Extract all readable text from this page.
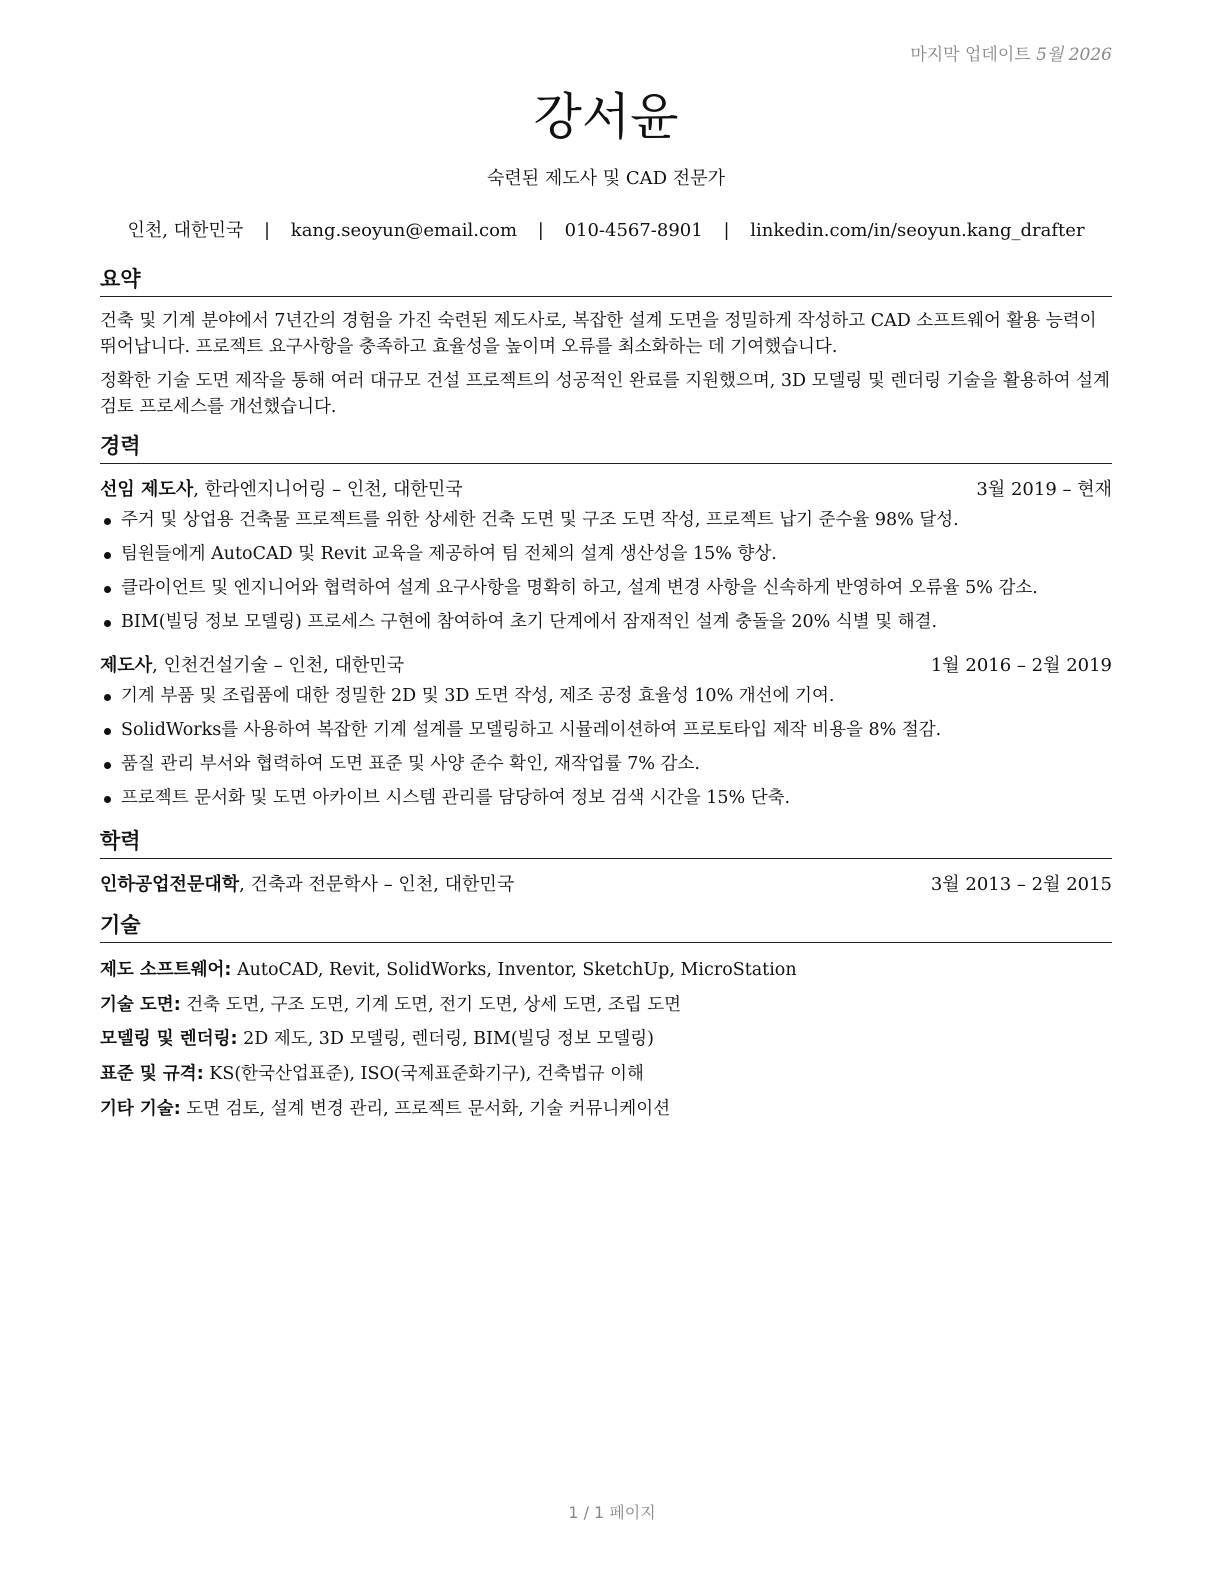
마지막 업데이트 5월 2026
강서윤
숙련된 제도사 및 CAD 전문가
인천, 대한민국 | kang.seoyun@email.com | 010-4567-8901 | linkedin.com/in/seoyun.kang_drafter
요약

건축 및 기계 분야에서 7년간의 경험을 가진 숙련된 제도사로, 복잡한 설계 도면을 정밀하게 작성하고 CAD 소프트웨어 활용 능력이 뛰어납니다. 프로젝트 요구사항을 충족하고 효율성을 높이며 오류를 최소화하는 데 기여했습니다.

정확한 기술 도면 제작을 통해 여러 대규모 건설 프로젝트의 성공적인 완료를 지원했으며, 3D 모델링 및 렌더링 기술을 활용하여 설계 검토 프로세스를 개선했습니다.

경력
선임 제도사, 한라엔지니어링 – 인천, 대한민국	3월 2019 – 현재
주거 및 상업용 건축물 프로젝트를 위한 상세한 건축 도면 및 구조 도면 작성, 프로젝트 납기 준수율 98% 달성.
팀원들에게 AutoCAD 및 Revit 교육을 제공하여 팀 전체의 설계 생산성을 15% 향상.
클라이언트 및 엔지니어와 협력하여 설계 요구사항을 명확히 하고, 설계 변경 사항을 신속하게 반영하여 오류율 5% 감소.
BIM(빌딩 정보 모델링) 프로세스 구현에 참여하여 초기 단계에서 잠재적인 설계 충돌을 20% 식별 및 해결.
제도사, 인천건설기술 – 인천, 대한민국	1월 2016 – 2월 2019
기계 부품 및 조립품에 대한 정밀한 2D 및 3D 도면 작성, 제조 공정 효율성 10% 개선에 기여.
SolidWorks를 사용하여 복잡한 기계 설계를 모델링하고 시뮬레이션하여 프로토타입 제작 비용을 8% 절감.
품질 관리 부서와 협력하여 도면 표준 및 사양 준수 확인, 재작업률 7% 감소.
프로젝트 문서화 및 도면 아카이브 시스템 관리를 담당하여 정보 검색 시간을 15% 단축.
학력
인하공업전문대학, 건축과 전문학사 – 인천, 대한민국	3월 2013 – 2월 2015
기술
제도 소프트웨어: AutoCAD, Revit, SolidWorks, Inventor, SketchUp, MicroStation
기술 도면: 건축 도면, 구조 도면, 기계 도면, 전기 도면, 상세 도면, 조립 도면
모델링 및 렌더링: 2D 제도, 3D 모델링, 렌더링, BIM(빌딩 정보 모델링)
표준 및 규격: KS(한국산업표준), ISO(국제표준화기구), 건축법규 이해
기타 기술: 도면 검토, 설계 변경 관리, 프로젝트 문서화, 기술 커뮤니케이션
1 / 1 페이지
